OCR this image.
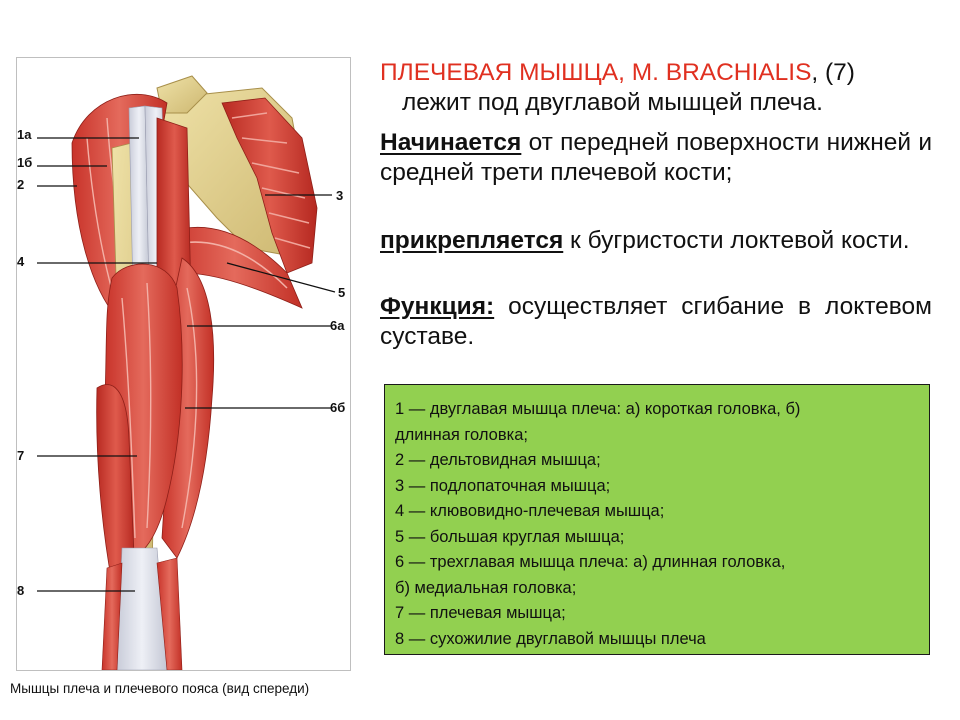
1а
1б
2
3
4
5
6а
6б
7
8
Мышцы плеча и плечевого пояса (вид спереди)
ПЛЕЧЕВАЯ МЫШЦА, M. BRACHIALIS, (7)
лежит под двуглавой мышцей плеча.
Начинается от передней поверхности нижней и средней трети плечевой кости;
прикрепляется к бугристости локтевой кости.
Функция: осуществляет сгибание в локтевом суставе.
1 — двуглавая мышца плеча: а) короткая головка, б)
длинная головка;
2 — дельтовидная мышца;
3 — подлопаточная мышца;
4 — клювовидно-плечевая мышца;
5 — большая круглая мышца;
6 — трехглавая мышца плеча: а) длинная головка,
б) медиальная головка;
7 — плечевая мышца;
8 — сухожилие двуглавой мышцы плеча
